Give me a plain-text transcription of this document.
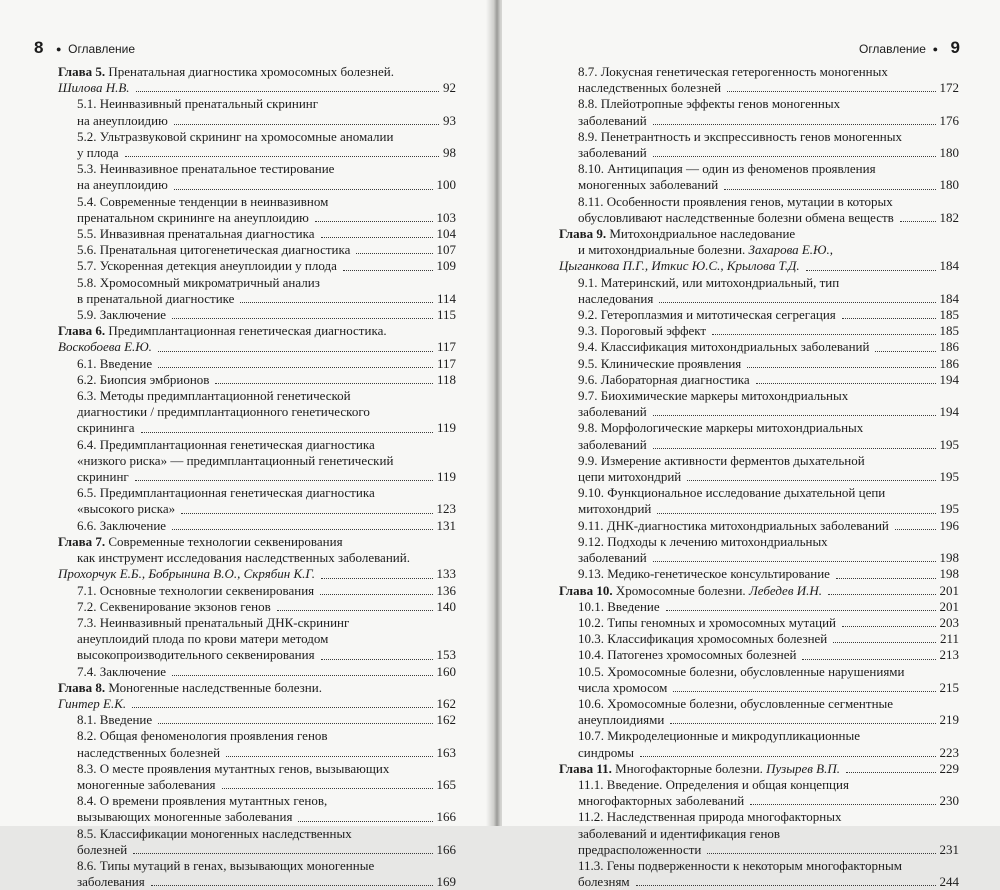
8 ● Оглавление
Глава 5. Пренатальная диагностика хромосомных болезней.
Шилова Н.В.	92
5.1. Неинвазивный пренатальный скрининг
на анеуплоидию	93
5.2. Ультразвуковой скрининг на хромосомные аномалии
у плода	98
5.3. Неинвазивное пренатальное тестирование
на анеуплоидию	100
5.4. Современные тенденции в неинвазивном
пренатальном скрининге на анеуплоидию	103
5.5. Инвазивная пренатальная диагностика	104
5.6. Пренатальная цитогенетическая диагностика	107
5.7. Ускоренная детекция анеуплоидии у плода	109
5.8. Хромосомный микроматричный анализ
в пренатальной диагностике	114
5.9. Заключение	115
Глава 6. Предимплантационная генетическая диагностика.
Воскобоева Е.Ю.	117
6.1. Введение	117
6.2. Биопсия эмбрионов	118
6.3. Методы предимплантационной генетической
диагностики / предимплантационного генетического
скрининга	119
6.4. Предимплантационная генетическая диагностика
«низкого риска» — предимплантационный генетический
скрининг	119
6.5. Предимплантационная генетическая диагностика
«высокого риска»	123
6.6. Заключение	131
Глава 7. Современные технологии секвенирования
как инструмент исследования наследственных заболеваний.
Прохорчук Е.Б., Бобрынина В.О., Скрябин К.Г.	133
7.1. Основные технологии секвенирования	136
7.2. Секвенирование экзонов генов	140
7.3. Неинвазивный пренатальный ДНК-скрининг
анеуплоидий плода по крови матери методом
высокопроизводительного секвенирования	153
7.4. Заключение	160
Глава 8. Моногенные наследственные болезни.
Гинтер Е.К.	162
8.1. Введение	162
8.2. Общая феноменология проявления генов
наследственных болезней	163
8.3. О месте проявления мутантных генов, вызывающих
моногенные заболевания	165
8.4. О времени проявления мутантных генов,
вызывающих моногенные заболевания	166
8.5. Классификации моногенных наследственных
болезней	166
8.6. Типы мутаций в генах, вызывающих моногенные
заболевания	169
Оглавление ● 9
8.7. Локусная генетическая гетерогенность моногенных
наследственных болезней	172
8.8. Плейотропные эффекты генов моногенных
заболеваний	176
8.9. Пенетрантность и экспрессивность генов моногенных
заболеваний	180
8.10. Антиципация — один из феноменов проявления
моногенных заболеваний	180
8.11. Особенности проявления генов, мутации в которых
обусловливают наследственные болезни обмена веществ	182
Глава 9. Митохондриальное наследование
и митохондриальные болезни. Захарова Е.Ю.,
Цыганкова П.Г., Иткис Ю.С., Крылова Т.Д.	184
9.1. Материнский, или митохондриальный, тип
наследования	184
9.2. Гетероплазмия и митотическая сегрегация	185
9.3. Пороговый эффект	185
9.4. Классификация митохондриальных заболеваний	186
9.5. Клинические проявления	186
9.6. Лабораторная диагностика	194
9.7. Биохимические маркеры митохондриальных
заболеваний	194
9.8. Морфологические маркеры митохондриальных
заболеваний	195
9.9. Измерение активности ферментов дыхательной
цепи митохондрий	195
9.10. Функциональное исследование дыхательной цепи
митохондрий	195
9.11. ДНК-диагностика митохондриальных заболеваний	196
9.12. Подходы к лечению митохондриальных
заболеваний	198
9.13. Медико-генетическое консультирование	198
Глава 10. Хромосомные болезни. Лебедев И.Н.	201
10.1. Введение	201
10.2. Типы геномных и хромосомных мутаций	203
10.3. Классификация хромосомных болезней	211
10.4. Патогенез хромосомных болезней	213
10.5. Хромосомные болезни, обусловленные нарушениями
числа хромосом	215
10.6. Хромосомные болезни, обусловленные сегментные
анеуплоидиями	219
10.7. Микроделеционные и микродупликационные
синдромы	223
Глава 11. Многофакторные болезни. Пузырев В.П.	229
11.1. Введение. Определения и общая концепция
многофакторных заболеваний	230
11.2. Наследственная природа многофакторных
заболеваний и идентификация генов
предрасположенности	231
11.3. Гены подверженности к некоторым многофакторным
болезням	244
